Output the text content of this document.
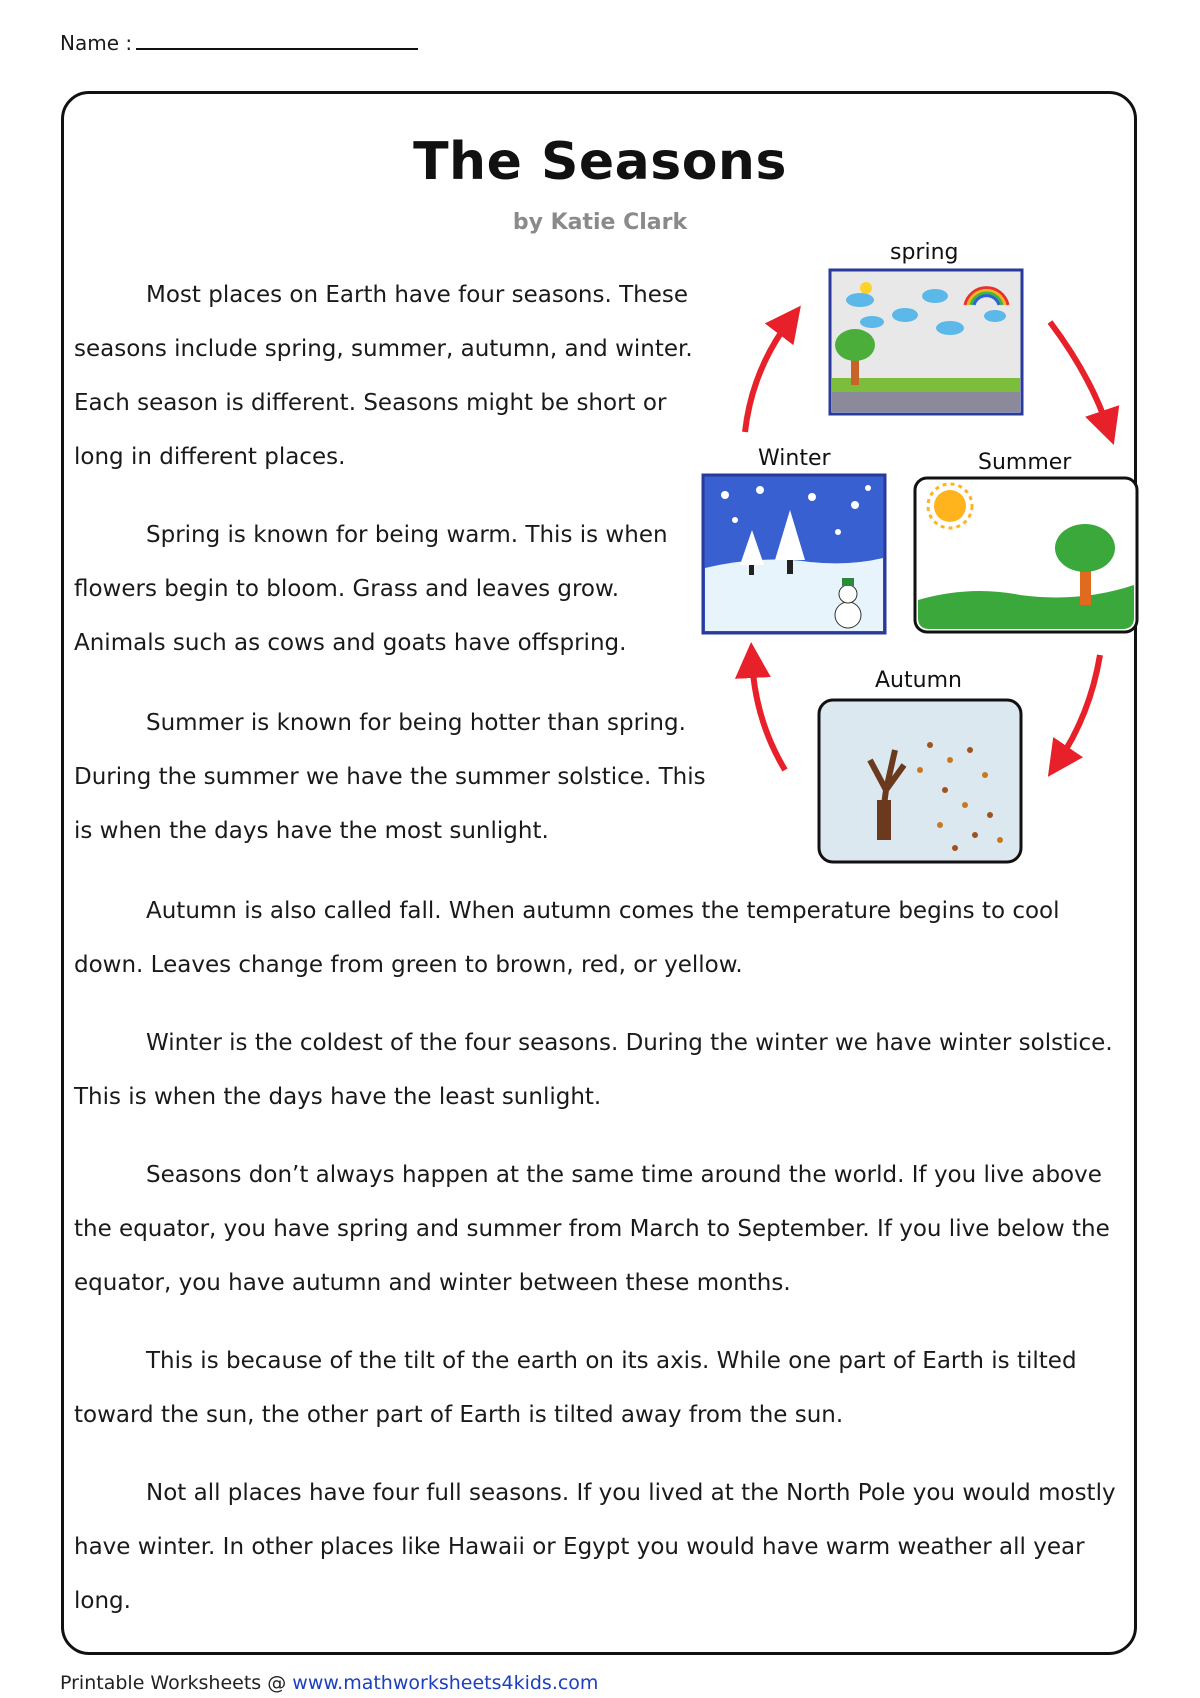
Name :
The Seasons
by Katie Clark

Most places on Earth have four seasons. These seasons include spring, summer, autumn, and winter. Each season is different. Seasons might be short or long in different places.

Spring is known for being warm. This is when flowers begin to bloom. Grass and leaves grow. Animals such as cows and goats have offspring.

Summer is known for being hotter than spring. During the summer we have the summer solstice. This is when the days have the most sunlight.

Autumn is also called fall. When autumn comes the temperature begins to cool down. Leaves change from green to brown, red, or yellow.

Winter is the coldest of the four seasons. During the winter we have winter solstice. This is when the days have the least sunlight.

Seasons don’t always happen at the same time around the world. If you live above the equator, you have spring and summer from March to September. If you live below the equator, you have autumn and winter between these months.

This is because of the tilt of the earth on its axis. While one part of Earth is tilted toward the sun, the other part of Earth is tilted away from the sun.

Not all places have four full seasons. If you lived at the North Pole you would mostly have winter. In other places like Hawaii or Egypt you would have warm weather all year long.

spring
Summer
Winter
Autumn
Printable Worksheets @ www.mathworksheets4kids.com
